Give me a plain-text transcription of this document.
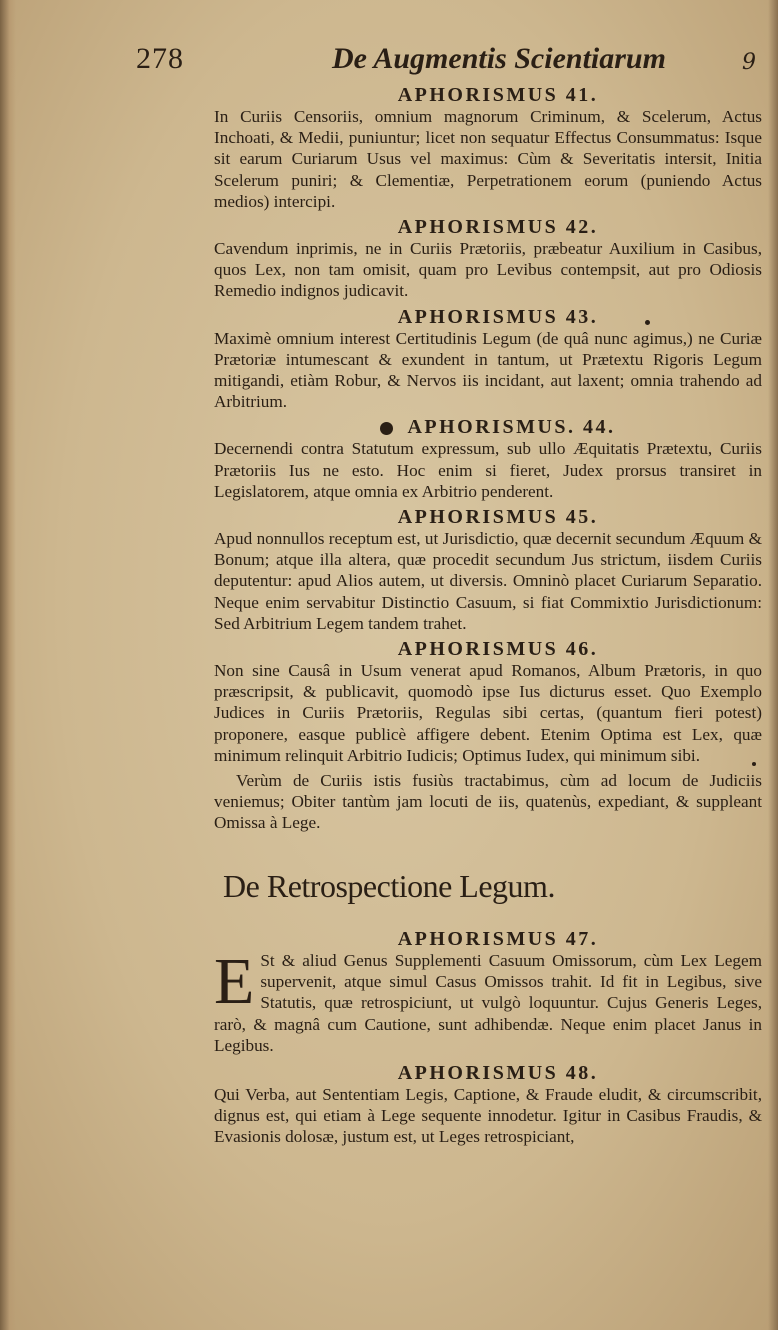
278	De Augmentis Scientiarum	9
APHORISMUS 41.

In Curiis Censoriis, omnium magnorum Criminum, & Scelerum, Actus Inchoati, & Medii, puniuntur; licet non sequatur Effectus Consummatus: Isque sit earum Curiarum Usus vel maximus: Cùm & Severitatis intersit, Initia Scelerum puniri; & Clementiæ, Perpetrationem eorum (puniendo Actus medios) intercipi.

APHORISMUS 42.

Cavendum inprimis, ne in Curiis Prætoriis, præbeatur Auxilium in Casibus, quos Lex, non tam omisit, quam pro Levibus contempsit, aut pro Odiosis Remedio indignos judicavit.

APHORISMUS 43.

Maximè omnium interest Certitudinis Legum (de quâ nunc agimus,) ne Curiæ Prætoriæ intumescant & exundent in tantum, ut Prætextu Rigoris Legum mitigandi, etiàm Robur, & Nervos iis incidant, aut laxent; omnia trahendo ad Arbitrium.

APHORISMUS. 44.

Decernendi contra Statutum expressum, sub ullo Æquitatis Prætextu, Curiis Prætoriis Ius ne esto. Hoc enim si fieret, Judex prorsus transiret in Legislatorem, atque omnia ex Arbitrio penderent.

APHORISMUS 45.

Apud nonnullos receptum est, ut Jurisdictio, quæ decernit secundum Æquum & Bonum; atque illa altera, quæ procedit secundum Jus strictum, iisdem Curiis deputentur: apud Alios autem, ut diversis. Omninò placet Curiarum Separatio. Neque enim servabitur Distinctio Casuum, si fiat Commixtio Jurisdictionum: Sed Arbitrium Legem tandem trahet.

APHORISMUS 46.

Non sine Causâ in Usum venerat apud Romanos, Album Prætoris, in quo præscripsit, & publicavit, quomodò ipse Ius dicturus esset. Quo Exemplo Judices in Curiis Prætoriis, Regulas sibi certas, (quantum fieri potest) proponere, easque publicè affigere debent. Etenim Optima est Lex, quæ minimum relinquit Arbitrio Iudicis; Optimus Iudex, qui minimum sibi.

Verùm de Curiis istis fusiùs tractabimus, cùm ad locum de Judiciis veniemus; Obiter tantùm jam locuti de iis, quatenùs, expediant, & suppleant Omissa à Lege.

De Retrospectione Legum.
APHORISMUS 47.

E St & aliud Genus Supplementi Casuum Omissorum, cùm Lex Legem supervenit, atque simul Casus Omissos trahit. Id fit in Legibus, sive Statutis, quæ retrospiciunt, ut vulgò loquuntur. Cujus Generis Leges, rarò, & magnâ cum Cautione, sunt adhibendæ. Neque enim placet Janus in Legibus.

APHORISMUS 48.

Qui Verba, aut Sententiam Legis, Captione, & Fraude eludit, & circumscribit, dignus est, qui etiam à Lege sequente innodetur. Igitur in Casibus Fraudis, & Evasionis dolosæ, justum est, ut Leges retrospiciant,
